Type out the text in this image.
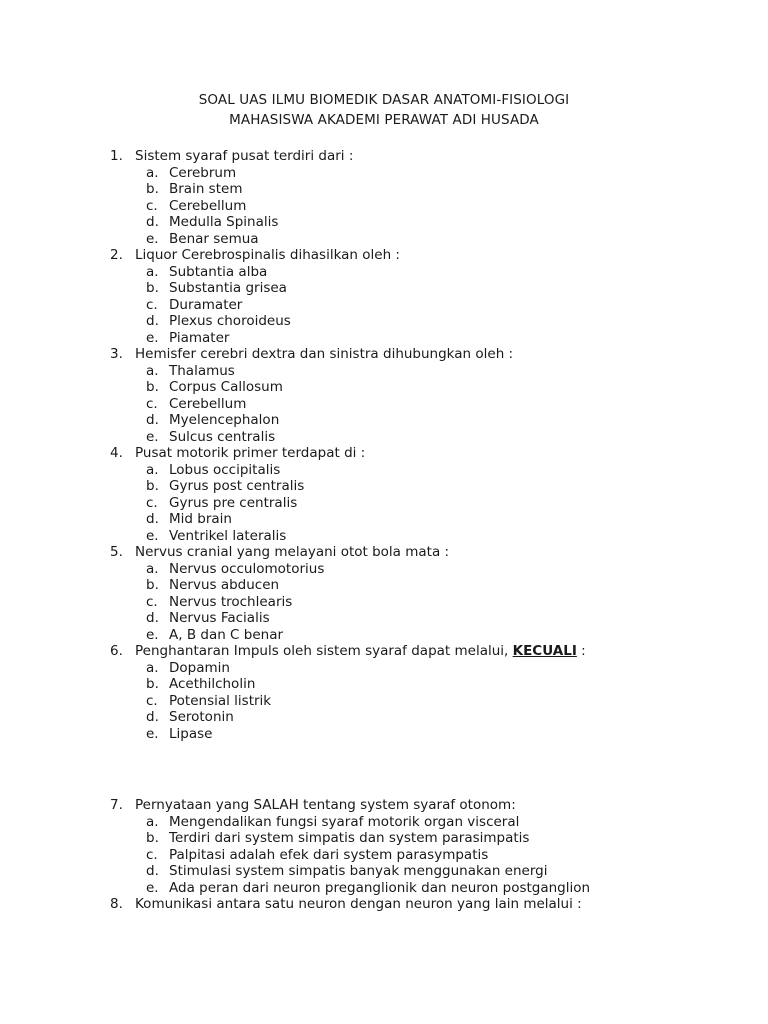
SOAL UAS ILMU BIOMEDIK DASAR ANATOMI-FISIOLOGI
MAHASISWA AKADEMI PERAWAT ADI HUSADA
1. Sistem syaraf pusat terdiri dari :
a. Cerebrum
b. Brain stem
c. Cerebellum
d. Medulla Spinalis
e. Benar semua
2. Liquor Cerebrospinalis dihasilkan oleh :
a. Subtantia alba
b. Substantia grisea
c. Duramater
d. Plexus choroideus
e. Piamater
3. Hemisfer cerebri dextra dan sinistra dihubungkan oleh :
a. Thalamus
b. Corpus Callosum
c. Cerebellum
d. Myelencephalon
e. Sulcus centralis
4. Pusat motorik primer terdapat di :
a. Lobus occipitalis
b. Gyrus post centralis
c. Gyrus pre centralis
d. Mid brain
e. Ventrikel lateralis
5. Nervus cranial yang melayani otot bola mata :
a. Nervus occulomotorius
b. Nervus abducen
c. Nervus trochlearis
d. Nervus Facialis
e. A, B dan C benar
6. Penghantaran Impuls oleh sistem syaraf dapat melalui, KECUALI :
a. Dopamin
b. Acethilcholin
c. Potensial listrik
d. Serotonin
e. Lipase
7. Pernyataan yang SALAH tentang system syaraf otonom:
a. Mengendalikan fungsi syaraf motorik organ visceral
b. Terdiri dari system simpatis dan system parasimpatis
c. Palpitasi adalah efek dari system parasympatis
d. Stimulasi system simpatis banyak menggunakan energi
e. Ada peran dari neuron preganglionik dan neuron postganglion
8. Komunikasi antara satu neuron dengan neuron yang lain melalui :
